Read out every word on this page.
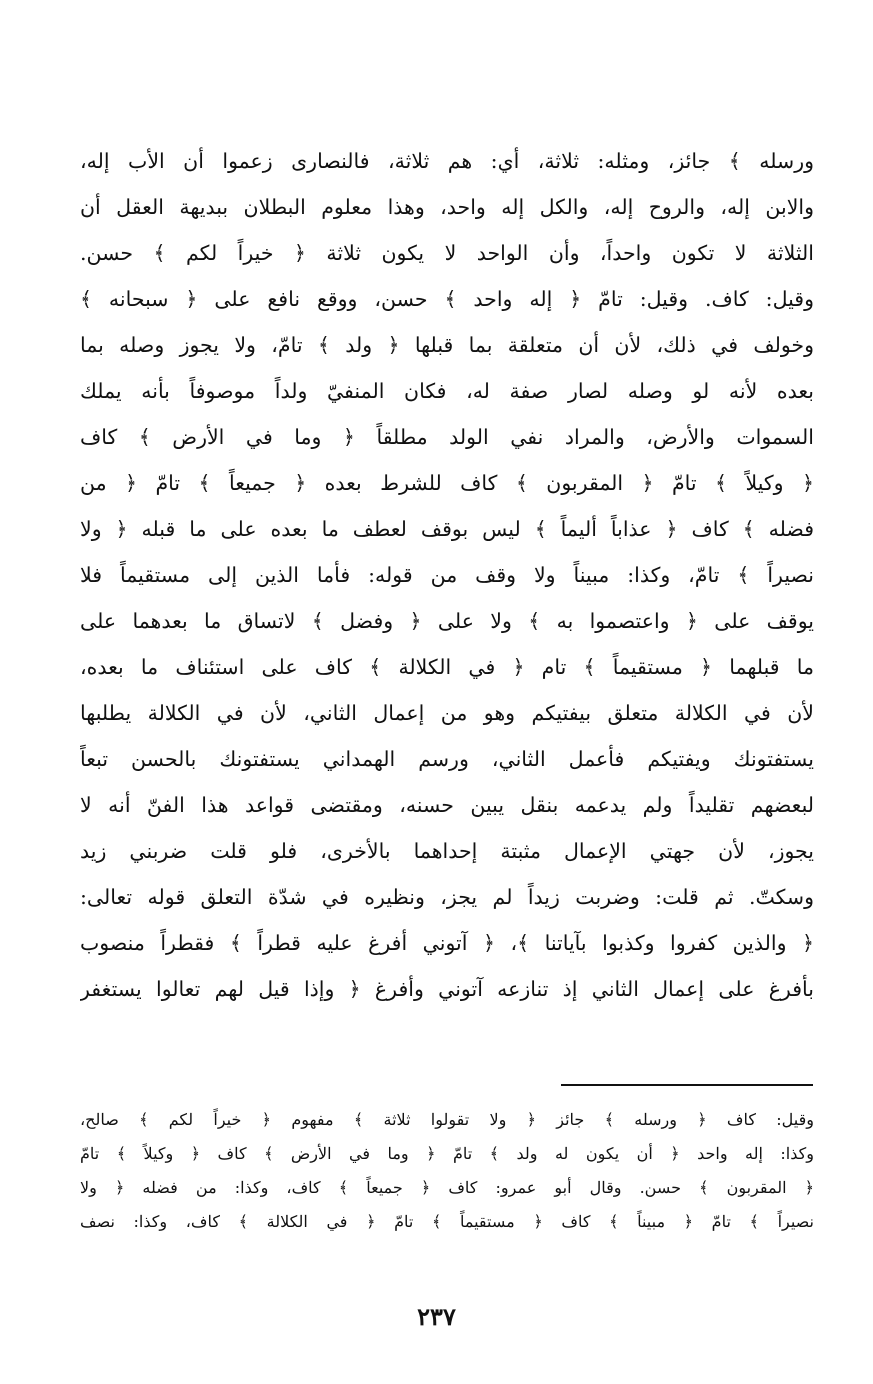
ورسله ﴾ جائز، ومثله: ثلاثة، أي: هم ثلاثة، فالنصارى زعموا أن الأب إله،
والابن إله، والروح إله، والكل إله واحد، وهذا معلوم البطلان ببديهة العقل أن
الثلاثة لا تكون واحداً، وأن الواحد لا يكون ثلاثة ﴿ خيراً لكم ﴾ حسن.
وقيل: كاف. وقيل: تامّ ﴿ إله واحد ﴾ حسن، ووقع نافع على ﴿ سبحانه ﴾
وخولف في ذلك، لأن أن متعلقة بما قبلها ﴿ ولد ﴾ تامّ، ولا يجوز وصله بما
بعده لأنه لو وصله لصار صفة له، فكان المنفيّ ولداً موصوفاً بأنه يملك
السموات والأرض، والمراد نفي الولد مطلقاً ﴿ وما في الأرض ﴾ كاف
﴿ وكيلاً ﴾ تامّ ﴿ المقربون ﴾ كاف للشرط بعده ﴿ جميعاً ﴾ تامّ ﴿ من
فضله ﴾ كاف ﴿ عذاباً أليماً ﴾ ليس بوقف لعطف ما بعده على ما قبله ﴿ ولا
نصيراً ﴾ تامّ، وكذا: مبيناً ولا وقف من قوله: فأما الذين إلى مستقيماً فلا
يوقف على ﴿ واعتصموا به ﴾ ولا على ﴿ وفضل ﴾ لاتساق ما بعدهما على
ما قبلهما ﴿ مستقيماً ﴾ تام ﴿ في الكلالة ﴾ كاف على استئناف ما بعده،
لأن في الكلالة متعلق بيفتيكم وهو من إعمال الثاني، لأن في الكلالة يطلبها
يستفتونك ويفتيكم فأعمل الثاني، ورسم الهمداني يستفتونك بالحسن تبعاً
لبعضهم تقليداً ولم يدعمه بنقل يبين حسنه، ومقتضى قواعد هذا الفنّ أنه لا
يجوز، لأن جهتي الإعمال مثبتة إحداهما بالأخرى، فلو قلت ضربني زيد
وسكتّ. ثم قلت: وضربت زيداً لم يجز، ونظيره في شدّة التعلق قوله تعالى:
﴿ والذين كفروا وكذبوا بآياتنا ﴾، ﴿ آتوني أفرغ عليه قطراً ﴾ فقطراً منصوب
بأفرغ على إعمال الثاني إذ تنازعه آتوني وأفرغ ﴿ وإذا قيل لهم تعالوا يستغفر
وقيل: كاف ﴿ ورسله ﴾ جائز ﴿ ولا تقولوا ثلاثة ﴾ مفهوم ﴿ خيراً لكم ﴾ صالح،
وكذا: إله واحد ﴿ أن يكون له ولد ﴾ تامّ ﴿ وما في الأرض ﴾ كاف ﴿ وكيلاً ﴾ تامّ
﴿ المقربون ﴾ حسن. وقال أبو عمرو: كاف ﴿ جميعاً ﴾ كاف، وكذا: من فضله ﴿ ولا
نصيراً ﴾ تامّ ﴿ مبيناً ﴾ كاف ﴿ مستقيماً ﴾ تامّ ﴿ في الكلالة ﴾ كاف، وكذا: نصف
٢٣٧
